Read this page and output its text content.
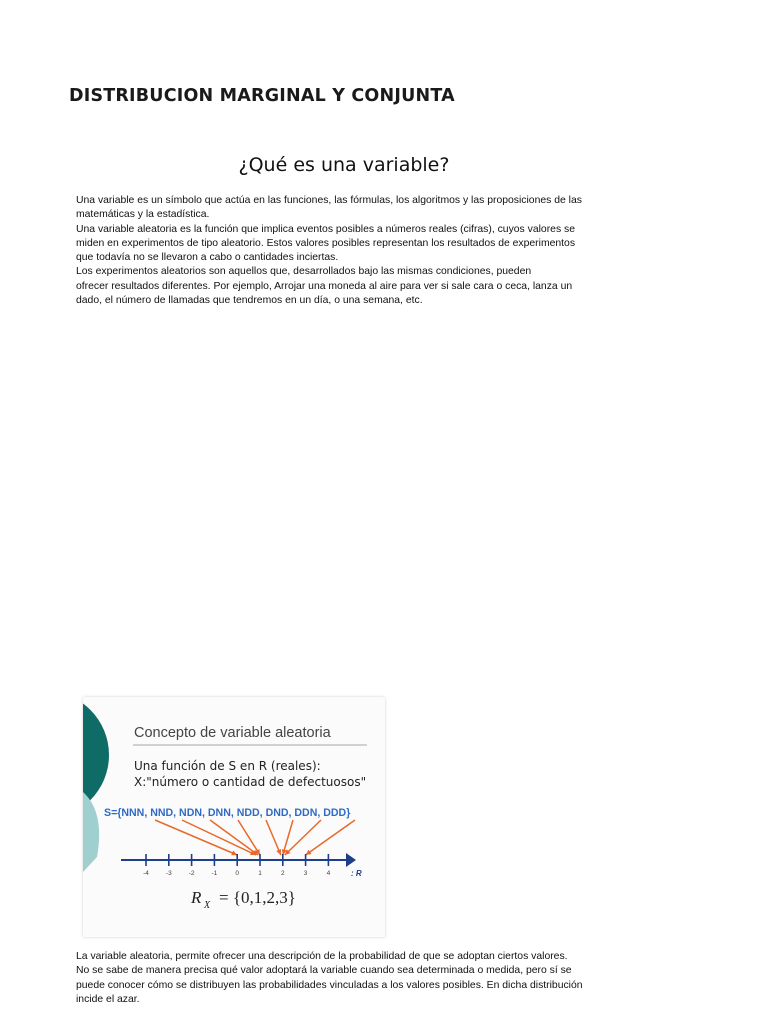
DISTRIBUCION MARGINAL Y CONJUNTA
¿Qué es una variable?
Una variable es un símbolo que actúa en las funciones, las fórmulas, los algoritmos y las proposiciones de las
matemáticas y la estadística.
Una variable aleatoria es la función que implica eventos posibles a números reales (cifras), cuyos valores se
miden en experimentos de tipo aleatorio. Estos valores posibles representan los resultados de experimentos
que todavía no se llevaron a cabo o cantidades inciertas.
Los experimentos aleatorios son aquellos que, desarrollados bajo las mismas condiciones, pueden
ofrecer resultados diferentes. Por ejemplo, Arrojar una moneda al aire para ver si sale cara o ceca, lanza un
dado, el número de llamadas que tendremos en un día, o una semana, etc.
Concepto de variable aleatoria
Una función de S en R (reales):
X:"número o cantidad de defectuosos"
S={NNN, NND, NDN, DNN, NDD, DND, DDN, DDD}
-4	-3	-2	-1	0	1	2	3	4	: R
R X = {0,1,2,3}
La variable aleatoria, permite ofrecer una descripción de la probabilidad de que se adoptan ciertos valores.
No se sabe de manera precisa qué valor adoptará la variable cuando sea determinada o medida, pero sí se
puede conocer cómo se distribuyen las probabilidades vinculadas a los valores posibles. En dicha distribución
incide el azar.
